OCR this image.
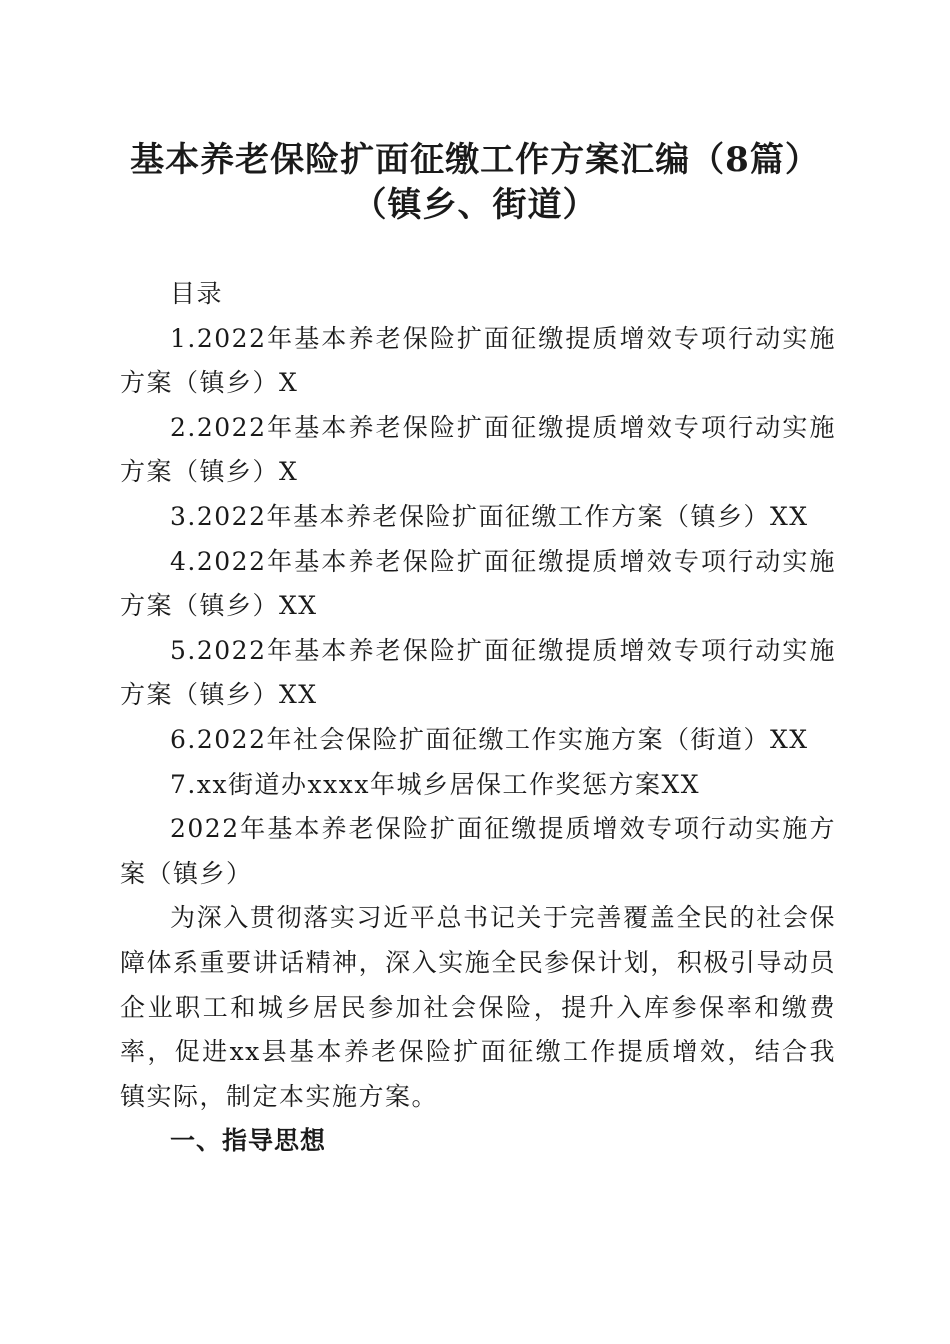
基本养老保险扩面征缴工作方案汇编（8篇）
（镇乡、街道）

目录

1.2022年基本养老保险扩面征缴提质增效专项行动实施方案（镇乡）X

2.2022年基本养老保险扩面征缴提质增效专项行动实施方案（镇乡）X

3.2022年基本养老保险扩面征缴工作方案（镇乡）XX

4.2022年基本养老保险扩面征缴提质增效专项行动实施方案（镇乡）XX

5.2022年基本养老保险扩面征缴提质增效专项行动实施方案（镇乡）XX

6.2022年社会保险扩面征缴工作实施方案（街道）XX

7.xx街道办xxxx年城乡居保工作奖惩方案XX

2022年基本养老保险扩面征缴提质增效专项行动实施方案（镇乡）

为深入贯彻落实习近平总书记关于完善覆盖全民的社会保障体系重要讲话精神，深入实施全民参保计划，积极引导动员企业职工和城乡居民参加社会保险，提升入库参保率和缴费率，促进xx县基本养老保险扩面征缴工作提质增效，结合我镇实际，制定本实施方案。

一、指导思想
